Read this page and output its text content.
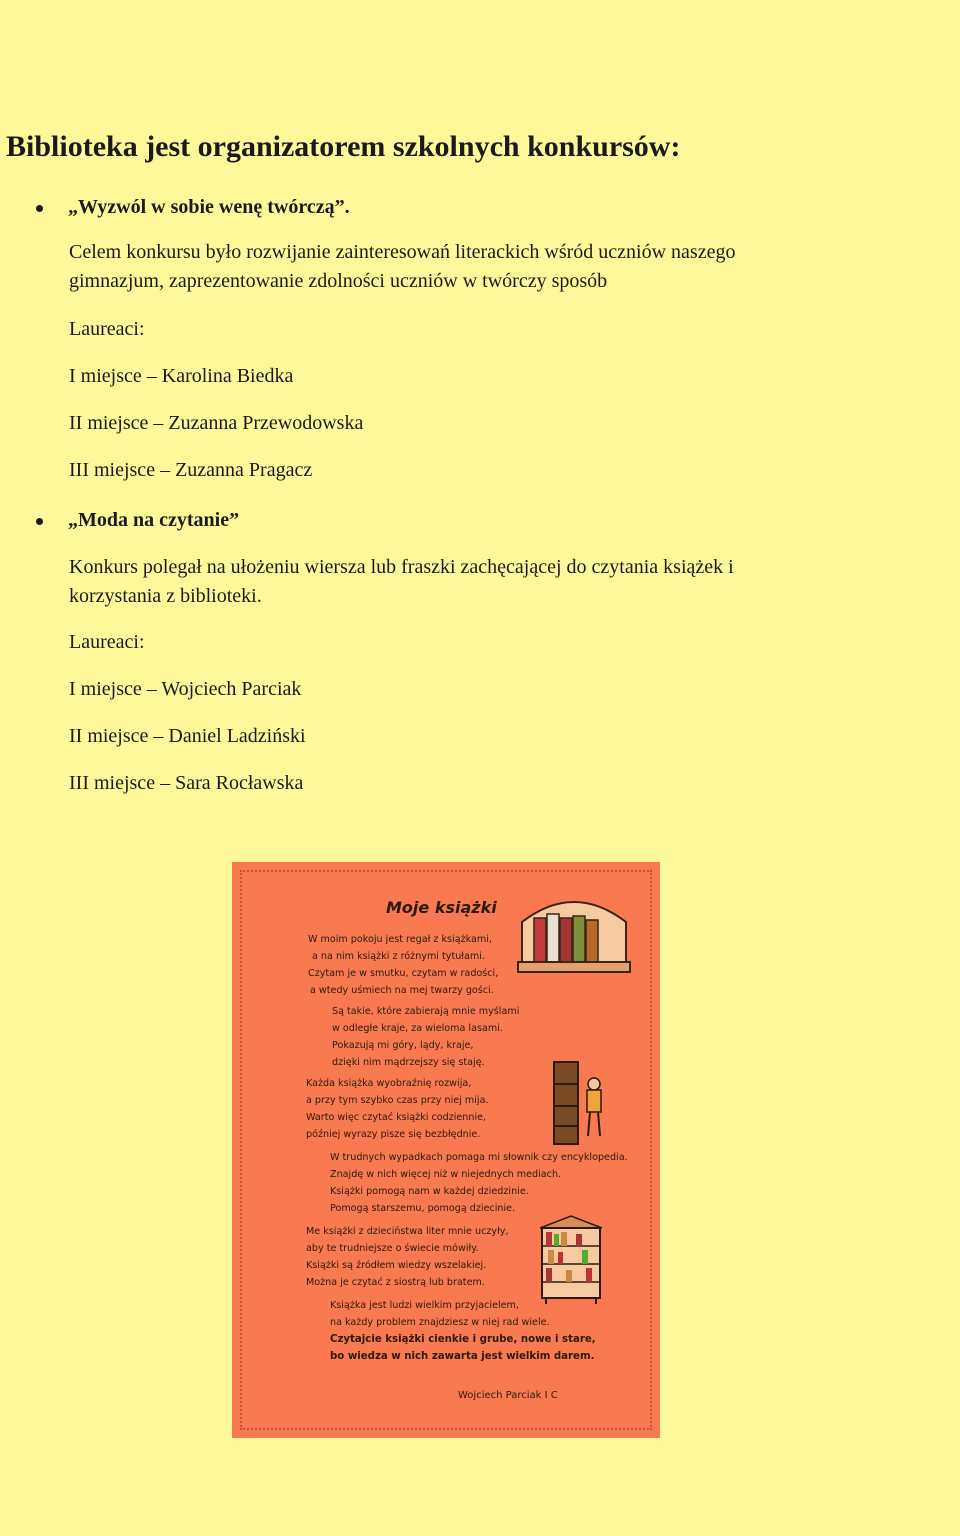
Biblioteka jest organizatorem szkolnych konkursów:
„Wyzwól w sobie wenę twórczą”.
Celem konkursu było rozwijanie zainteresowań literackich wśród uczniów naszego
gimnazjum, zaprezentowanie zdolności uczniów w twórczy sposób
Laureaci:
I miejsce – Karolina Biedka
II miejsce – Zuzanna Przewodowska
III miejsce – Zuzanna Pragacz
„Moda na czytanie”
Konkurs polegał na ułożeniu wiersza lub fraszki zachęcającej do czytania książek i
korzystania z biblioteki.
Laureaci:
I miejsce – Wojciech Parciak
II miejsce – Daniel Ladziński
III miejsce – Sara Rocławska
Moje książki
W moim pokoju jest regał z książkami,
a na nim książki z różnymi tytułami.
Czytam je w smutku, czytam w radości,
a wtedy uśmiech na mej twarzy gości.
Są takie, które zabierają mnie myślami
w odległe kraje, za wieloma lasami.
Pokazują mi góry, lądy, kraje,
dzięki nim mądrzejszy się staję.
Każda książka wyobraźnię rozwija,
a przy tym szybko czas przy niej mija.
Warto więc czytać książki codziennie,
później wyrazy pisze się bezbłędnie.
W trudnych wypadkach pomaga mi słownik czy encyklopedia.
Znajdę w nich więcej niż w niejednych mediach.
Książki pomogą nam w każdej dziedzinie.
Pomogą starszemu, pomogą dziecinie.
Me książki z dzieciństwa liter mnie uczyły,
aby te trudniejsze o świecie mówiły.
Książki są źródłem wiedzy wszelakiej.
Można je czytać z siostrą lub bratem.
Książka jest ludzi wielkim przyjacielem,
na każdy problem znajdziesz w niej rad wiele.
Czytajcie książki cienkie i grube, nowe i stare,
bo wiedza w nich zawarta jest wielkim darem.
Wojciech Parciak I C
